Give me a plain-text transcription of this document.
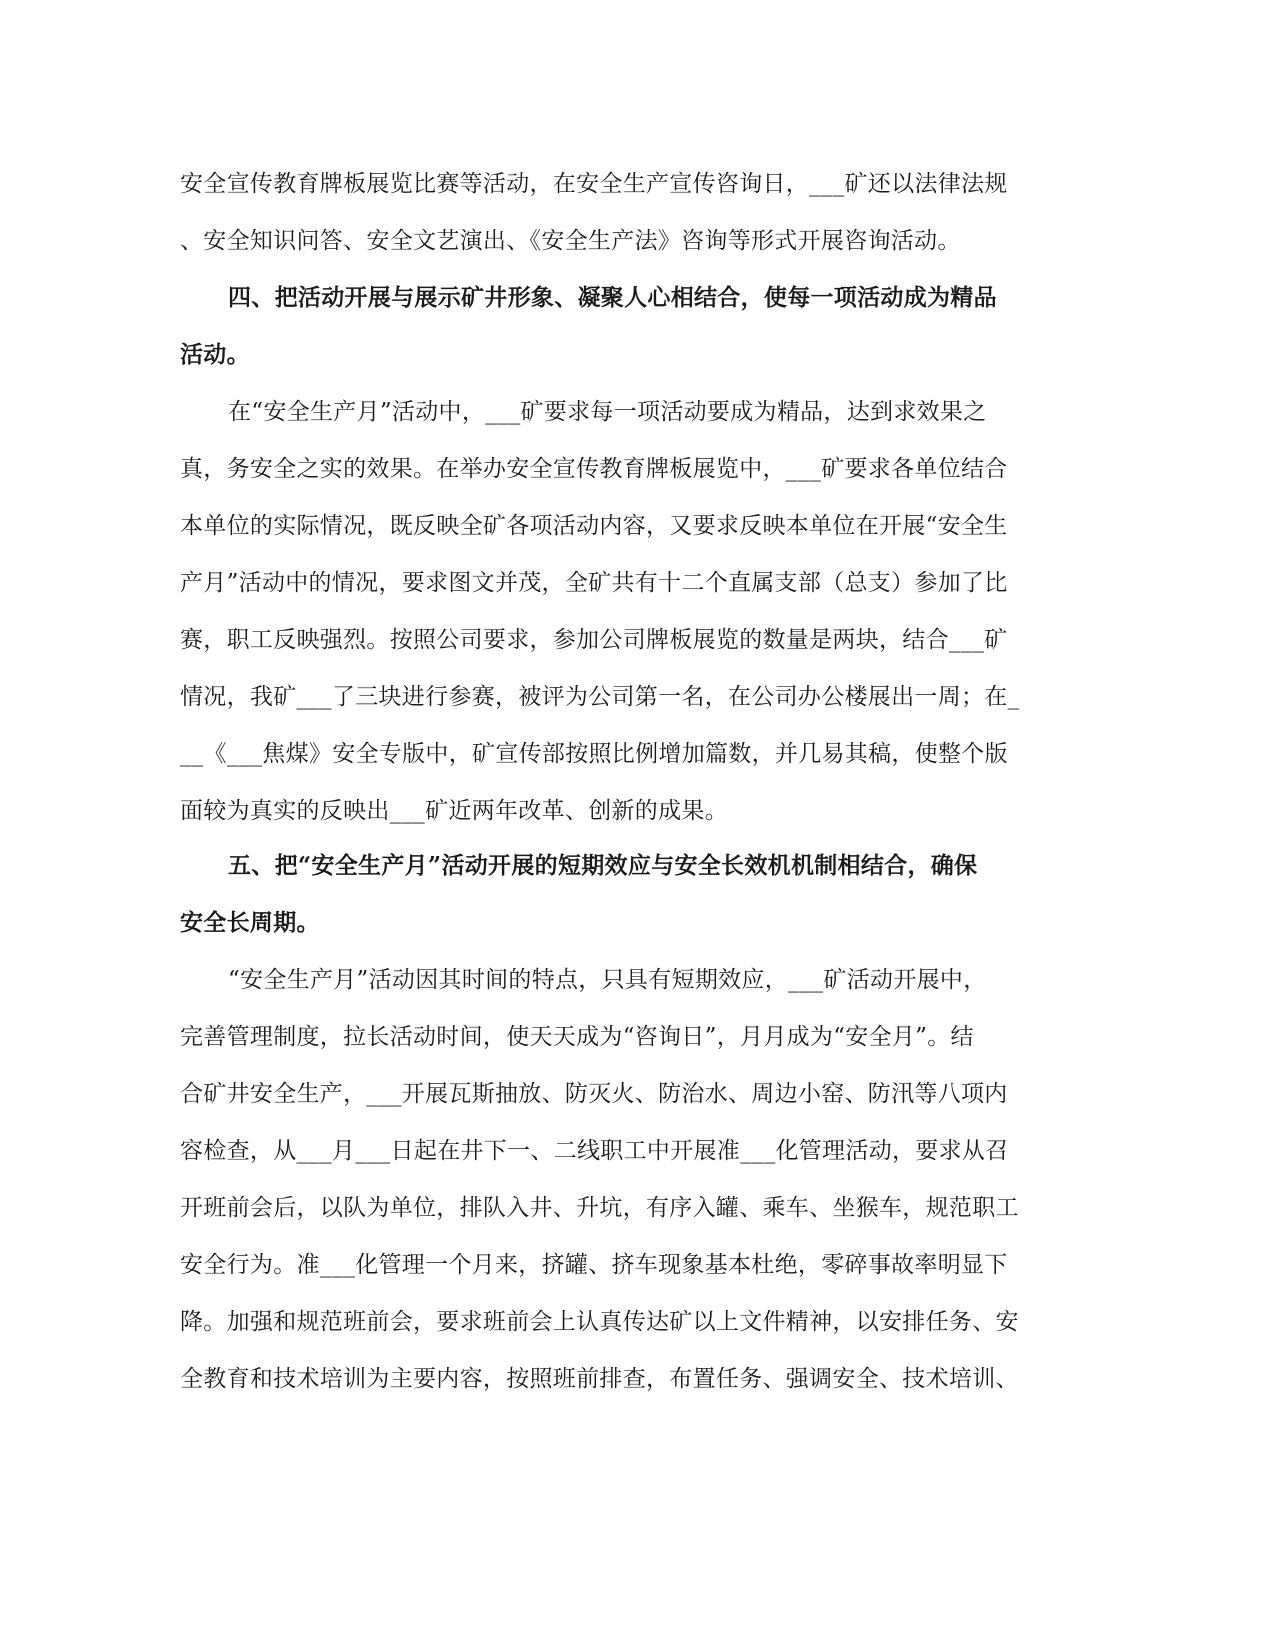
安全宣传教育牌板展览比赛等活动，在安全生产宣传咨询日，___矿还以法律法规
、安全知识问答、安全文艺演出、《安全生产法》咨询等形式开展咨询活动。
四、把活动开展与展示矿井形象、凝聚人心相结合，使每一项活动成为精品
活动。
在“安全生产月”活动中，___矿要求每一项活动要成为精品，达到求效果之
真，务安全之实的效果。在举办安全宣传教育牌板展览中，___矿要求各单位结合
本单位的实际情况，既反映全矿各项活动内容，又要求反映本单位在开展“安全生
产月”活动中的情况，要求图文并茂，全矿共有十二个直属支部（总支）参加了比
赛，职工反映强烈。按照公司要求，参加公司牌板展览的数量是两块，结合___矿
情况，我矿___了三块进行参赛，被评为公司第一名，在公司办公楼展出一周；在_
__《___焦煤》安全专版中，矿宣传部按照比例增加篇数，并几易其稿，使整个版
面较为真实的反映出___矿近两年改革、创新的成果。
五、把“安全生产月”活动开展的短期效应与安全长效机机制相结合，确保
安全长周期。
“安全生产月”活动因其时间的特点，只具有短期效应，___矿活动开展中，
完善管理制度，拉长活动时间，使天天成为“咨询日”，月月成为“安全月”。结
合矿井安全生产，___开展瓦斯抽放、防灭火、防治水、周边小窑、防汛等八项内
容检查，从___月___日起在井下一、二线职工中开展准___化管理活动，要求从召
开班前会后，以队为单位，排队入井、升坑，有序入罐、乘车、坐猴车，规范职工
安全行为。准___化管理一个月来，挤罐、挤车现象基本杜绝，零碎事故率明显下
降。加强和规范班前会，要求班前会上认真传达矿以上文件精神，以安排任务、安
全教育和技术培训为主要内容，按照班前排查，布置任务、强调安全、技术培训、
